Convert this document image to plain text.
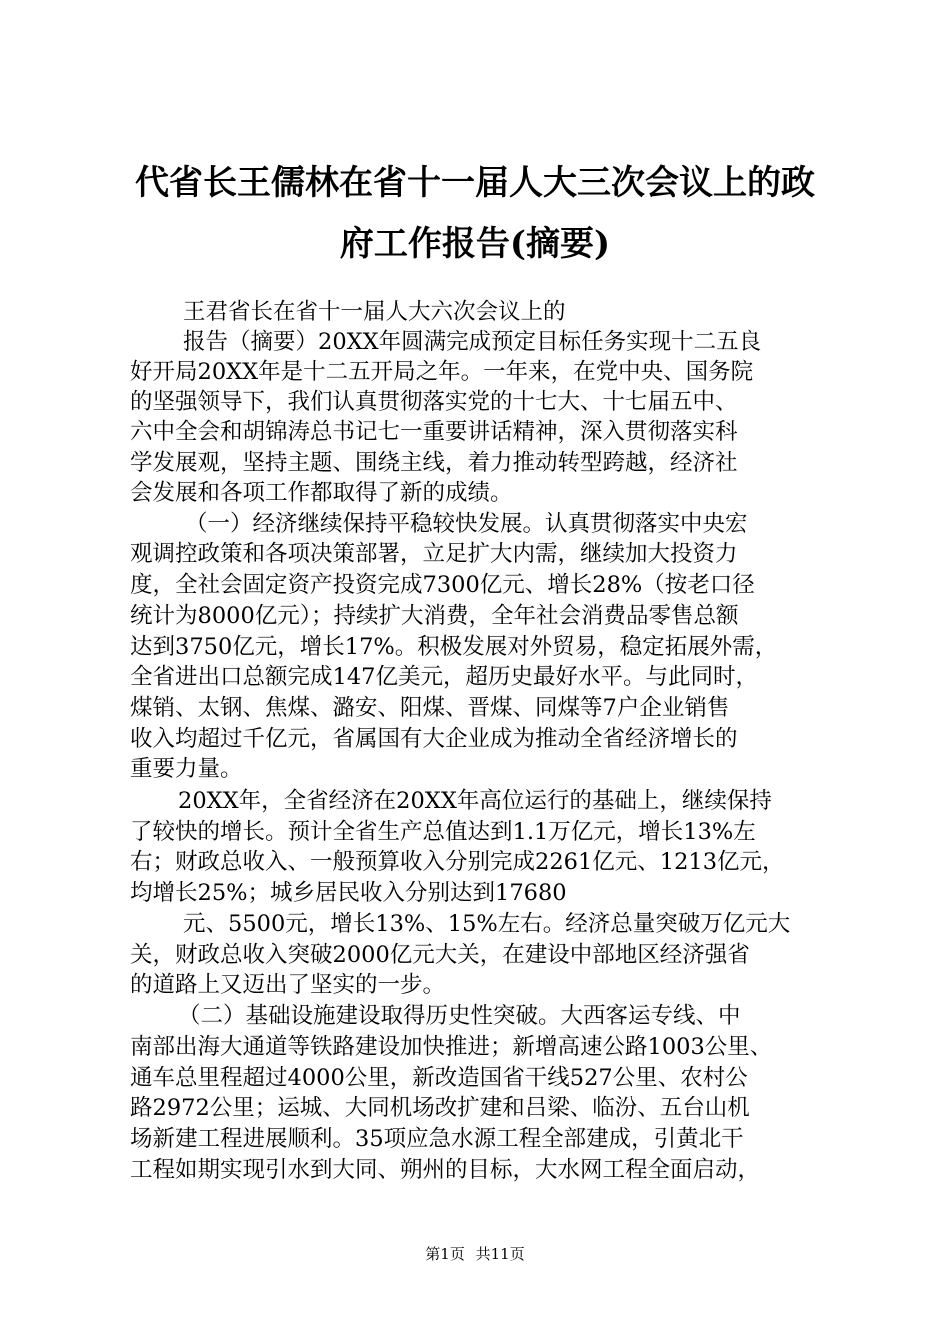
代省长王儒林在省十一届人大三次会议上的政
府工作报告(摘要)
王君省长在省十一届人大六次会议上的
报告（摘要）20XX年圆满完成预定目标任务实现十二五良
好开局20XX年是十二五开局之年。一年来，在党中央、国务院
的坚强领导下，我们认真贯彻落实党的十七大、十七届五中、
六中全会和胡锦涛总书记七一重要讲话精神，深入贯彻落实科
学发展观，坚持主题、围绕主线，着力推动转型跨越，经济社
会发展和各项工作都取得了新的成绩。
（一）经济继续保持平稳较快发展。认真贯彻落实中央宏
观调控政策和各项决策部署，立足扩大内需，继续加大投资力
度，全社会固定资产投资完成7300亿元、增长28%（按老口径
统计为8000亿元）；持续扩大消费，全年社会消费品零售总额
达到3750亿元，增长17%。积极发展对外贸易，稳定拓展外需，
全省进出口总额完成147亿美元，超历史最好水平。与此同时，
煤销、太钢、焦煤、潞安、阳煤、晋煤、同煤等7户企业销售
收入均超过千亿元，省属国有大企业成为推动全省经济增长的
重要力量。
20XX年，全省经济在20XX年高位运行的基础上，继续保持
了较快的增长。预计全省生产总值达到1.1万亿元，增长13%左
右；财政总收入、一般预算收入分别完成2261亿元、1213亿元，
均增长25%；城乡居民收入分别达到17680
元、5500元，增长13%、15%左右。经济总量突破万亿元大
关，财政总收入突破2000亿元大关，在建设中部地区经济强省
的道路上又迈出了坚实的一步。
（二）基础设施建设取得历史性突破。大西客运专线、中
南部出海大通道等铁路建设加快推进；新增高速公路1003公里、
通车总里程超过4000公里，新改造国省干线527公里、农村公
路2972公里；运城、大同机场改扩建和吕梁、临汾、五台山机
场新建工程进展顺利。35项应急水源工程全部建成，引黄北干
工程如期实现引水到大同、朔州的目标，大水网工程全面启动，
第1页 共11页
